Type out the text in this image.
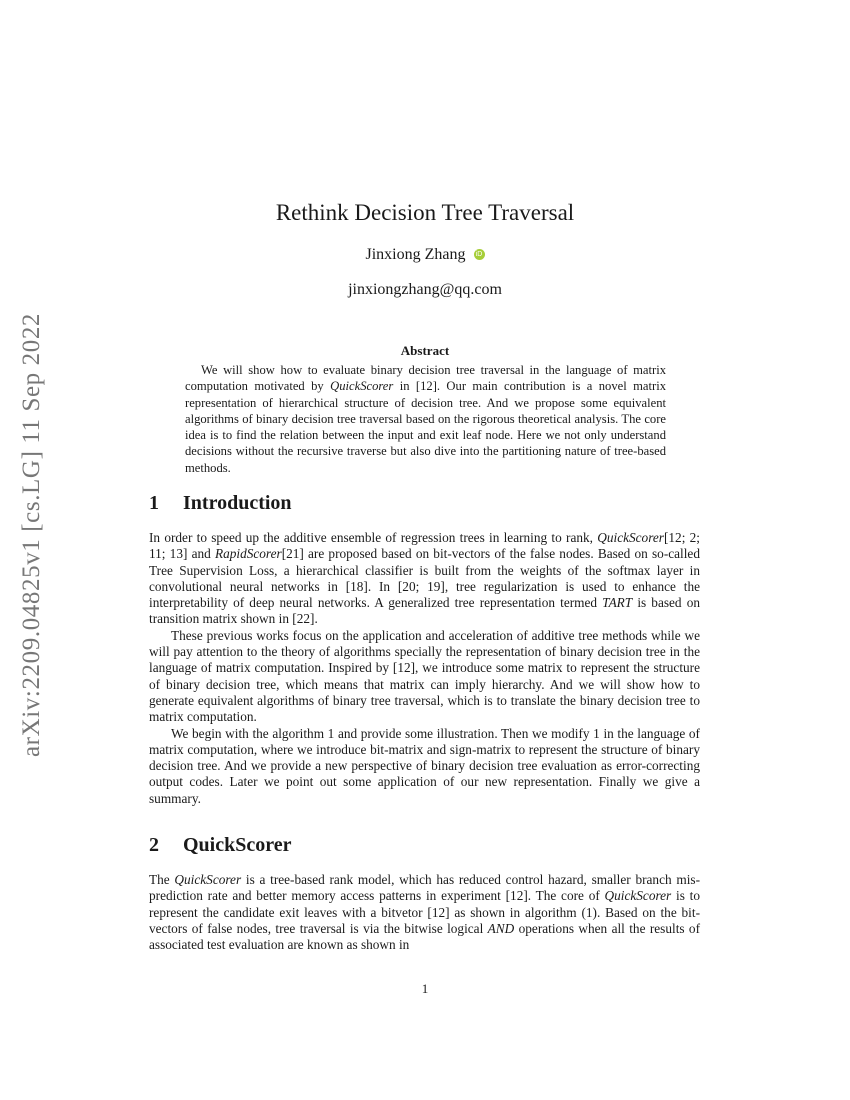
arXiv:2209.04825v1 [cs.LG] 11 Sep 2022
Rethink Decision Tree Traversal
Jinxiong Zhang iD
jinxiongzhang@qq.com
Abstract

We will show how to evaluate binary decision tree traversal in the language of matrix computation motivated by QuickScorer in [12]. Our main contribution is a novel matrix representation of hierarchical structure of decision tree. And we propose some equivalent algorithms of binary decision tree traversal based on the rigorous theoretical analysis. The core idea is to find the relation between the input and exit leaf node. Here we not only understand decisions without the recursive traverse but also dive into the partitioning nature of tree-based methods.

1 Introduction

In order to speed up the additive ensemble of regression trees in learning to rank, QuickScorer[12; 2; 11; 13] and RapidScorer[21] are proposed based on bit-vectors of the false nodes. Based on so-called Tree Supervision Loss, a hierarchical classifier is built from the weights of the softmax layer in convolutional neural networks in [18]. In [20; 19], tree regularization is used to enhance the interpretability of deep neural networks. A generalized tree representation termed TART is based on transition matrix shown in [22].

These previous works focus on the application and acceleration of additive tree methods while we will pay attention to the theory of algorithms specially the representation of binary decision tree in the language of matrix computation. Inspired by [12], we introduce some matrix to represent the structure of binary decision tree, which means that matrix can imply hierarchy. And we will show how to generate equivalent algorithms of binary tree traversal, which is to translate the binary decision tree to matrix computation.

We begin with the algorithm 1 and provide some illustration. Then we modify 1 in the language of matrix computation, where we introduce bit-matrix and sign-matrix to represent the structure of binary decision tree. And we provide a new perspective of binary decision tree evaluation as error-correcting output codes. Later we point out some application of our new representation. Finally we give a summary.

2 QuickScorer

The QuickScorer is a tree-based rank model, which has reduced control hazard, smaller branch mis-prediction rate and better memory access patterns in experiment [12]. The core of QuickScorer is to represent the candidate exit leaves with a bitvetor [12] as shown in algorithm (1). Based on the bit-vectors of false nodes, tree traversal is via the bitwise logical AND operations when all the results of associated test evaluation are known as shown in

1
